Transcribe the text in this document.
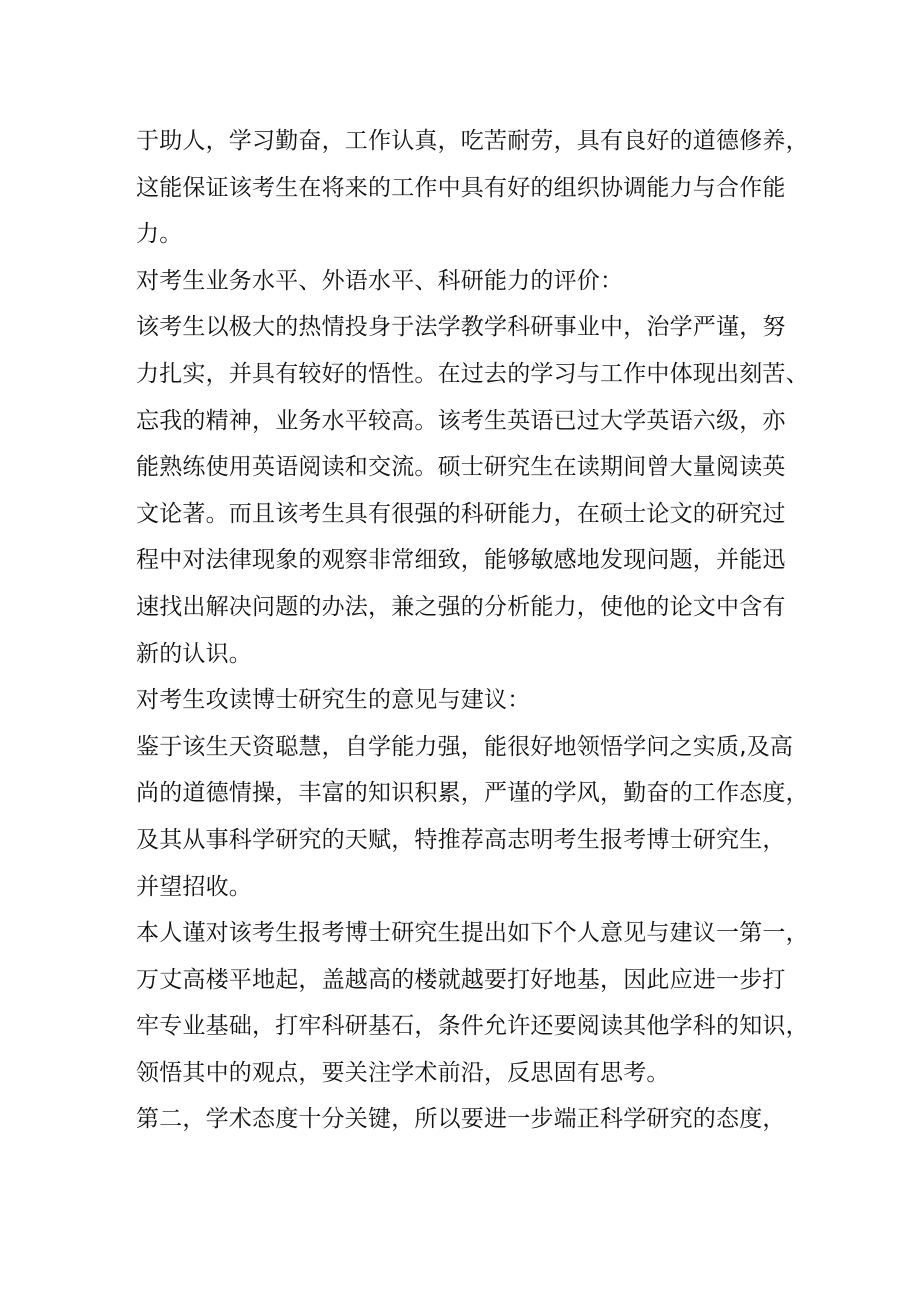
于助人，学习勤奋，工作认真，吃苦耐劳，具有良好的道德修养，
这能保证该考生在将来的工作中具有好的组织协调能力与合作能
力。
对考生业务水平、外语水平、科研能力的评价：
该考生以极大的热情投身于法学教学科研事业中，治学严谨，努
力扎实，并具有较好的悟性。在过去的学习与工作中体现出刻苦、
忘我的精神，业务水平较高。该考生英语已过大学英语六级，亦
能熟练使用英语阅读和交流。硕士研究生在读期间曾大量阅读英
文论著。而且该考生具有很强的科研能力，在硕士论文的研究过
程中对法律现象的观察非常细致，能够敏感地发现问题，并能迅
速找出解决问题的办法，兼之强的分析能力，使他的论文中含有
新的认识。
对考生攻读博士研究生的意见与建议：
鉴于该生天资聪慧，自学能力强，能很好地领悟学问之实质,及高
尚的道德情操，丰富的知识积累，严谨的学风，勤奋的工作态度，
及其从事科学研究的天赋，特推荐高志明考生报考博士研究生，
并望招收。
本人谨对该考生报考博士研究生提出如下个人意见与建议一第一，
万丈高楼平地起，盖越高的楼就越要打好地基，因此应进一步打
牢专业基础，打牢科研基石，条件允许还要阅读其他学科的知识，
领悟其中的观点，要关注学术前沿，反思固有思考。
第二，学术态度十分关键，所以要进一步端正科学研究的态度，
